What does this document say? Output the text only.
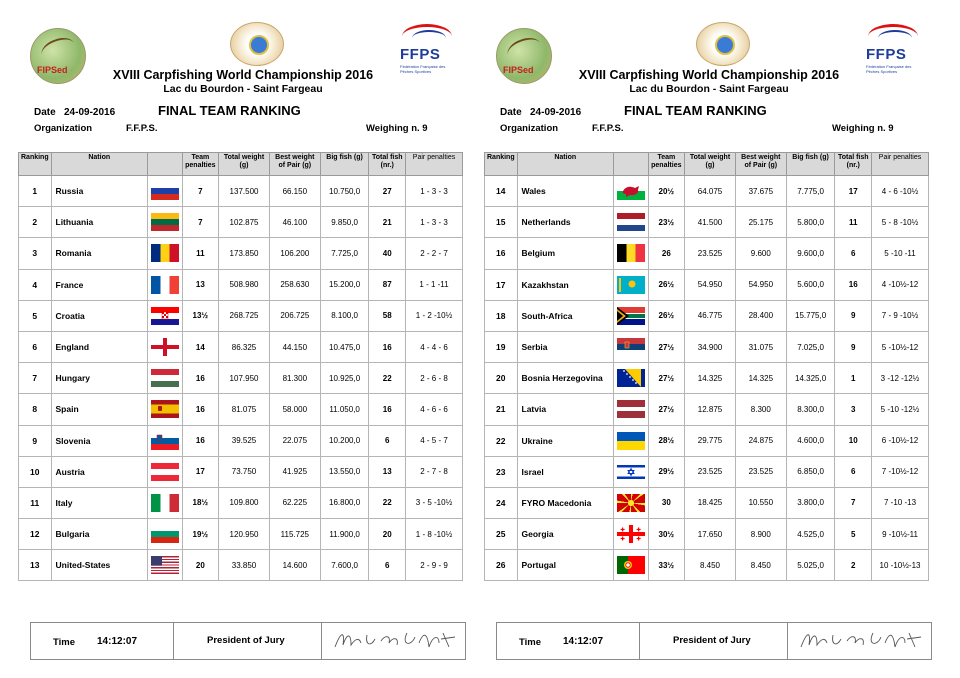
FIPSed
FFPS
Fédération Française des Pêches Sportives
XVIII Carpfishing World Championship 2016
Lac du Bourdon - Saint Fargeau
Date 24-09-2016	FINAL TEAM RANKING
Organization	F.F.P.S.	Weighing n. 9
Ranking	Nation		Team penalties	Total weight (g)	Best weight of Pair (g)	Big fish (g)	Total fish (nr.)	Pair penalties
1	Russia		7	137.500	66.150	10.750,0	27	1 - 3 - 3
2	Lithuania		7	102.875	46.100	9.850,0	21	1 - 3 - 3
3	Romania		11	173.850	106.200	7.725,0	40	2 - 2 - 7
4	France		13	508.980	258.630	15.200,0	87	1 - 1 -11
5	Croatia		13½	268.725	206.725	8.100,0	58	1 - 2 -10½
6	England		14	86.325	44.150	10.475,0	16	4 - 4 - 6
7	Hungary		16	107.950	81.300	10.925,0	22	2 - 6 - 8
8	Spain		16	81.075	58.000	11.050,0	16	4 - 6 - 6
9	Slovenia		16	39.525	22.075	10.200,0	6	4 - 5 - 7
10	Austria		17	73.750	41.925	13.550,0	13	2 - 7 - 8
11	Italy		18½	109.800	62.225	16.800,0	22	3 - 5 -10½
12	Bulgaria		19½	120.950	115.725	11.900,0	20	1 - 8 -10½
13	United-States		20	33.850	14.600	7.600,0	6	2 - 9 - 9
Time 14:12:07	President of Jury
FIPSed
FFPS
Fédération Française des Pêches Sportives
XVIII Carpfishing World Championship 2016
Lac du Bourdon - Saint Fargeau
Date 24-09-2016	FINAL TEAM RANKING
Organization	F.F.P.S.	Weighing n. 9
Ranking	Nation		Team penalties	Total weight (g)	Best weight of Pair (g)	Big fish (g)	Total fish (nr.)	Pair penalties
14	Wales		20½	64.075	37.675	7.775,0	17	4 - 6 -10½
15	Netherlands		23½	41.500	25.175	5.800,0	11	5 - 8 -10½
16	Belgium		26	23.525	9.600	9.600,0	6	5 -10 -11
17	Kazakhstan		26½	54.950	54.950	5.600,0	16	4 -10½-12
18	South-Africa		26½	46.775	28.400	15.775,0	9	7 - 9 -10½
19	Serbia		27½	34.900	31.075	7.025,0	9	5 -10½-12
20	Bosnia Herzegovina		27½	14.325	14.325	14.325,0	1	3 -12 -12½
21	Latvia		27½	12.875	8.300	8.300,0	3	5 -10 -12½
22	Ukraine		28½	29.775	24.875	4.600,0	10	6 -10½-12
23	Israel		29½	23.525	23.525	6.850,0	6	7 -10½-12
24	FYRO Macedonia		30	18.425	10.550	3.800,0	7	7 -10 -13
25	Georgia		30½	17.650	8.900	4.525,0	5	9 -10½-11
26	Portugal		33½	8.450	8.450	5.025,0	2	10 -10½-13
Time 14:12:07	President of Jury
